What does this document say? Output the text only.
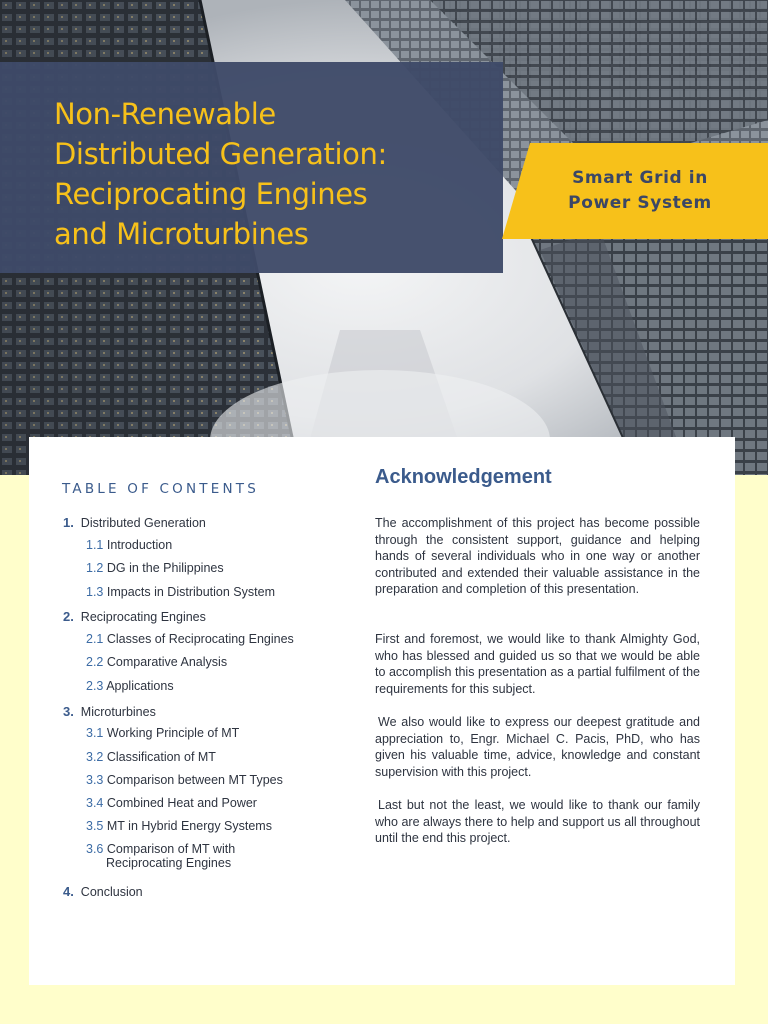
Non-Renewable
Distributed Generation:
Reciprocating Engines
and Microturbines
Smart Grid in
Power System
TABLE OF CONTENTS
1. Distributed Generation
1.1 Introduction
1.2 DG in the Philippines
1.3 Impacts in Distribution System
2. Reciprocating Engines
2.1 Classes of Reciprocating Engines
2.2 Comparative Analysis
2.3 Applications
3. Microturbines
3.1 Working Principle of MT
3.2 Classification of MT
3.3 Comparison between MT Types
3.4 Combined Heat and Power
3.5 MT in Hybrid Energy Systems
3.6 Comparison of MT with
Reciprocating Engines
4. Conclusion
Acknowledgement

The accomplishment of this project has become possible through the consistent support, guidance and helping hands of several individuals who in one way or another contributed and extended their valuable assistance in the preparation and completion of this presentation.

First and foremost, we would like to thank Almighty God, who has blessed and guided us so that we would be able to accomplish this presentation as a partial fulfilment of the requirements for this subject.

We also would like to express our deepest gratitude and appreciation to, Engr. Michael C. Pacis, PhD, who has given his valuable time, advice, knowledge and constant supervision with this project.

Last but not the least, we would like to thank our family who are always there to help and support us all throughout until the end this project.
